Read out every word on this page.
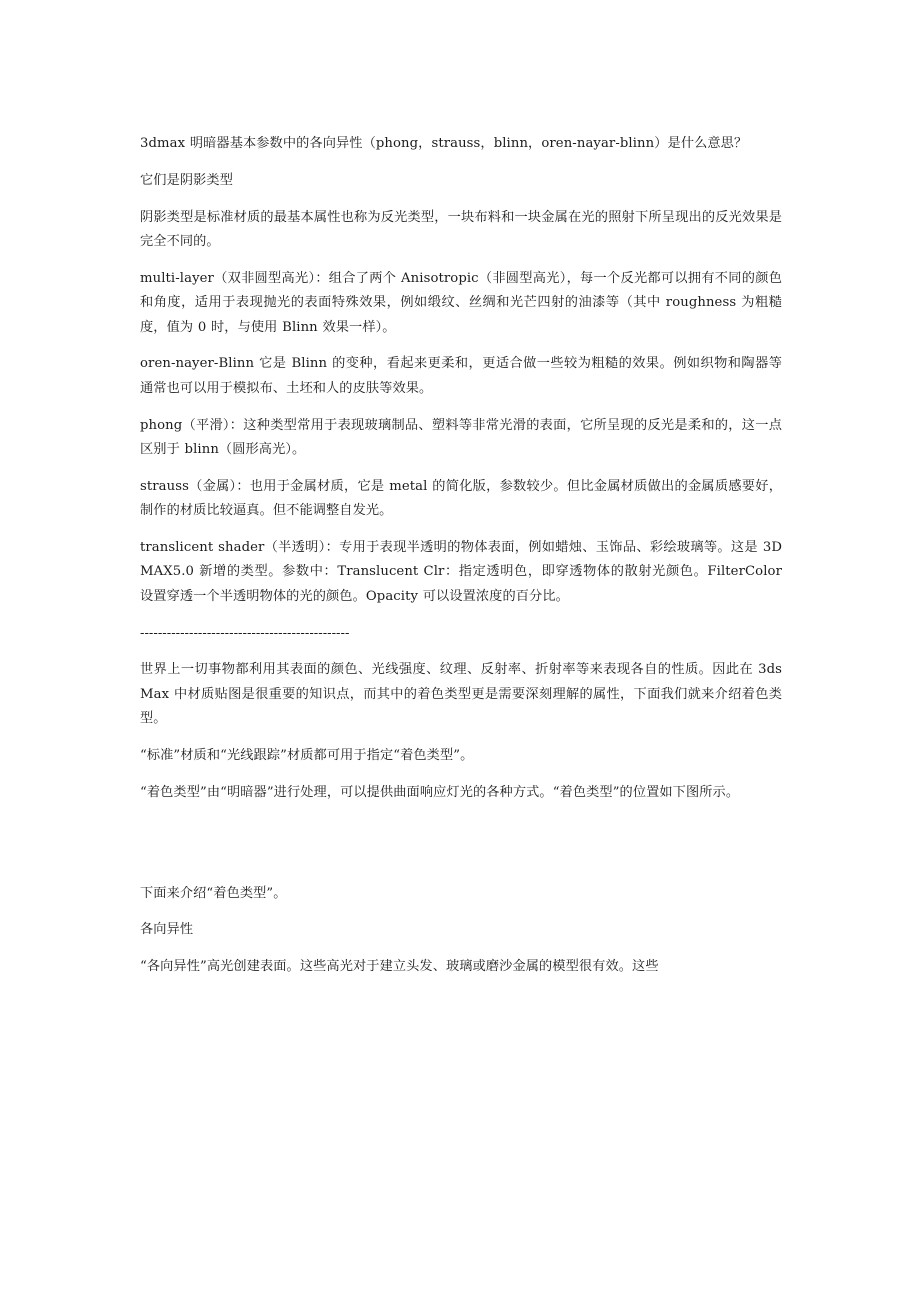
3dmax 明暗器基本参数中的各向异性（phong，strauss，blinn，oren-nayar-blinn）是什么意思？

它们是阴影类型

阴影类型是标准材质的最基本属性也称为反光类型，一块布料和一块金属在光的照射下所呈现出的反光效果是完全不同的。

multi-layer（双非圆型高光）：组合了两个 Anisotropic（非圆型高光），每一个反光都可以拥有不同的颜色和角度，适用于表现抛光的表面特殊效果，例如缎纹、丝绸和光芒四射的油漆等（其中 roughness 为粗糙度，值为 0 时，与使用 Blinn 效果一样）。

oren-nayer-Blinn 它是 Blinn 的变种，看起来更柔和，更适合做一些较为粗糙的效果。例如织物和陶器等通常也可以用于模拟布、土坯和人的皮肤等效果。

phong（平滑）：这种类型常用于表现玻璃制品、塑料等非常光滑的表面，它所呈现的反光是柔和的，这一点区别于 blinn（圆形高光）。

strauss（金属）：也用于金属材质，它是 metal 的简化版，参数较少。但比金属材质做出的金属质感要好，制作的材质比较逼真。但不能调整自发光。

translicent shader（半透明）：专用于表现半透明的物体表面，例如蜡烛、玉饰品、彩绘玻璃等。这是 3D MAX5.0 新增的类型。参数中：Translucent Clr：指定透明色，即穿透物体的散射光颜色。FilterColor 设置穿透一个半透明物体的光的颜色。Opacity 可以设置浓度的百分比。

-----------------------------------------------

世界上一切事物都利用其表面的颜色、光线强度、纹理、反射率、折射率等来表现各自的性质。因此在 3ds Max 中材质贴图是很重要的知识点，而其中的着色类型更是需要深刻理解的属性，下面我们就来介绍着色类型。

“标准”材质和“光线跟踪”材质都可用于指定“着色类型”。

“着色类型”由“明暗器”进行处理，可以提供曲面响应灯光的各种方式。“着色类型”的位置如下图所示。

下面来介绍“着色类型”。

各向异性

“各向异性”高光创建表面。这些高光对于建立头发、玻璃或磨沙金属的模型很有效。这些
